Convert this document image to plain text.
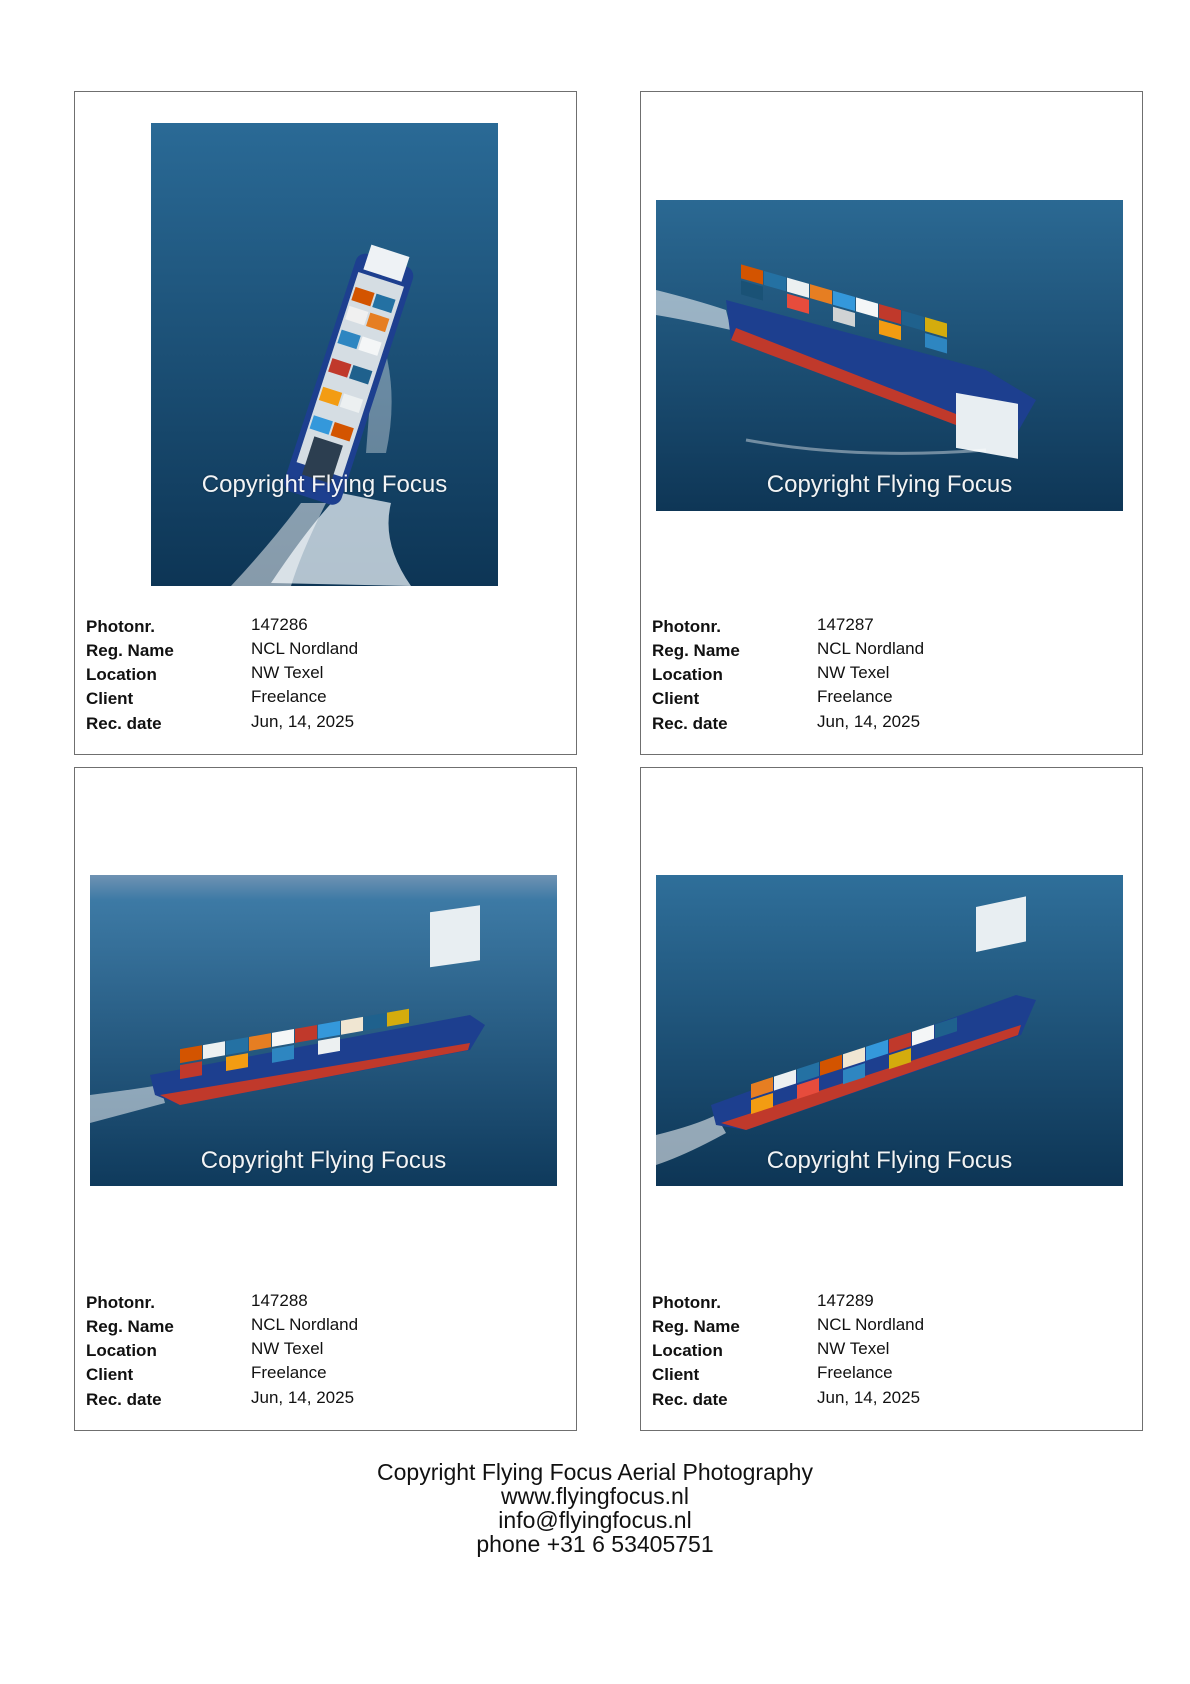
Copyright Flying Focus
Photonr.	147286
Reg. Name	NCL Nordland
Location	NW Texel
Client	Freelance
Rec. date	Jun, 14, 2025
Copyright Flying Focus
Photonr.	147287
Reg. Name	NCL Nordland
Location	NW Texel
Client	Freelance
Rec. date	Jun, 14, 2025
Copyright Flying Focus
Photonr.	147288
Reg. Name	NCL Nordland
Location	NW Texel
Client	Freelance
Rec. date	Jun, 14, 2025
Copyright Flying Focus
Photonr.	147289
Reg. Name	NCL Nordland
Location	NW Texel
Client	Freelance
Rec. date	Jun, 14, 2025
Copyright Flying Focus Aerial Photography
www.flyingfocus.nl
info@flyingfocus.nl
phone +31 6 53405751
